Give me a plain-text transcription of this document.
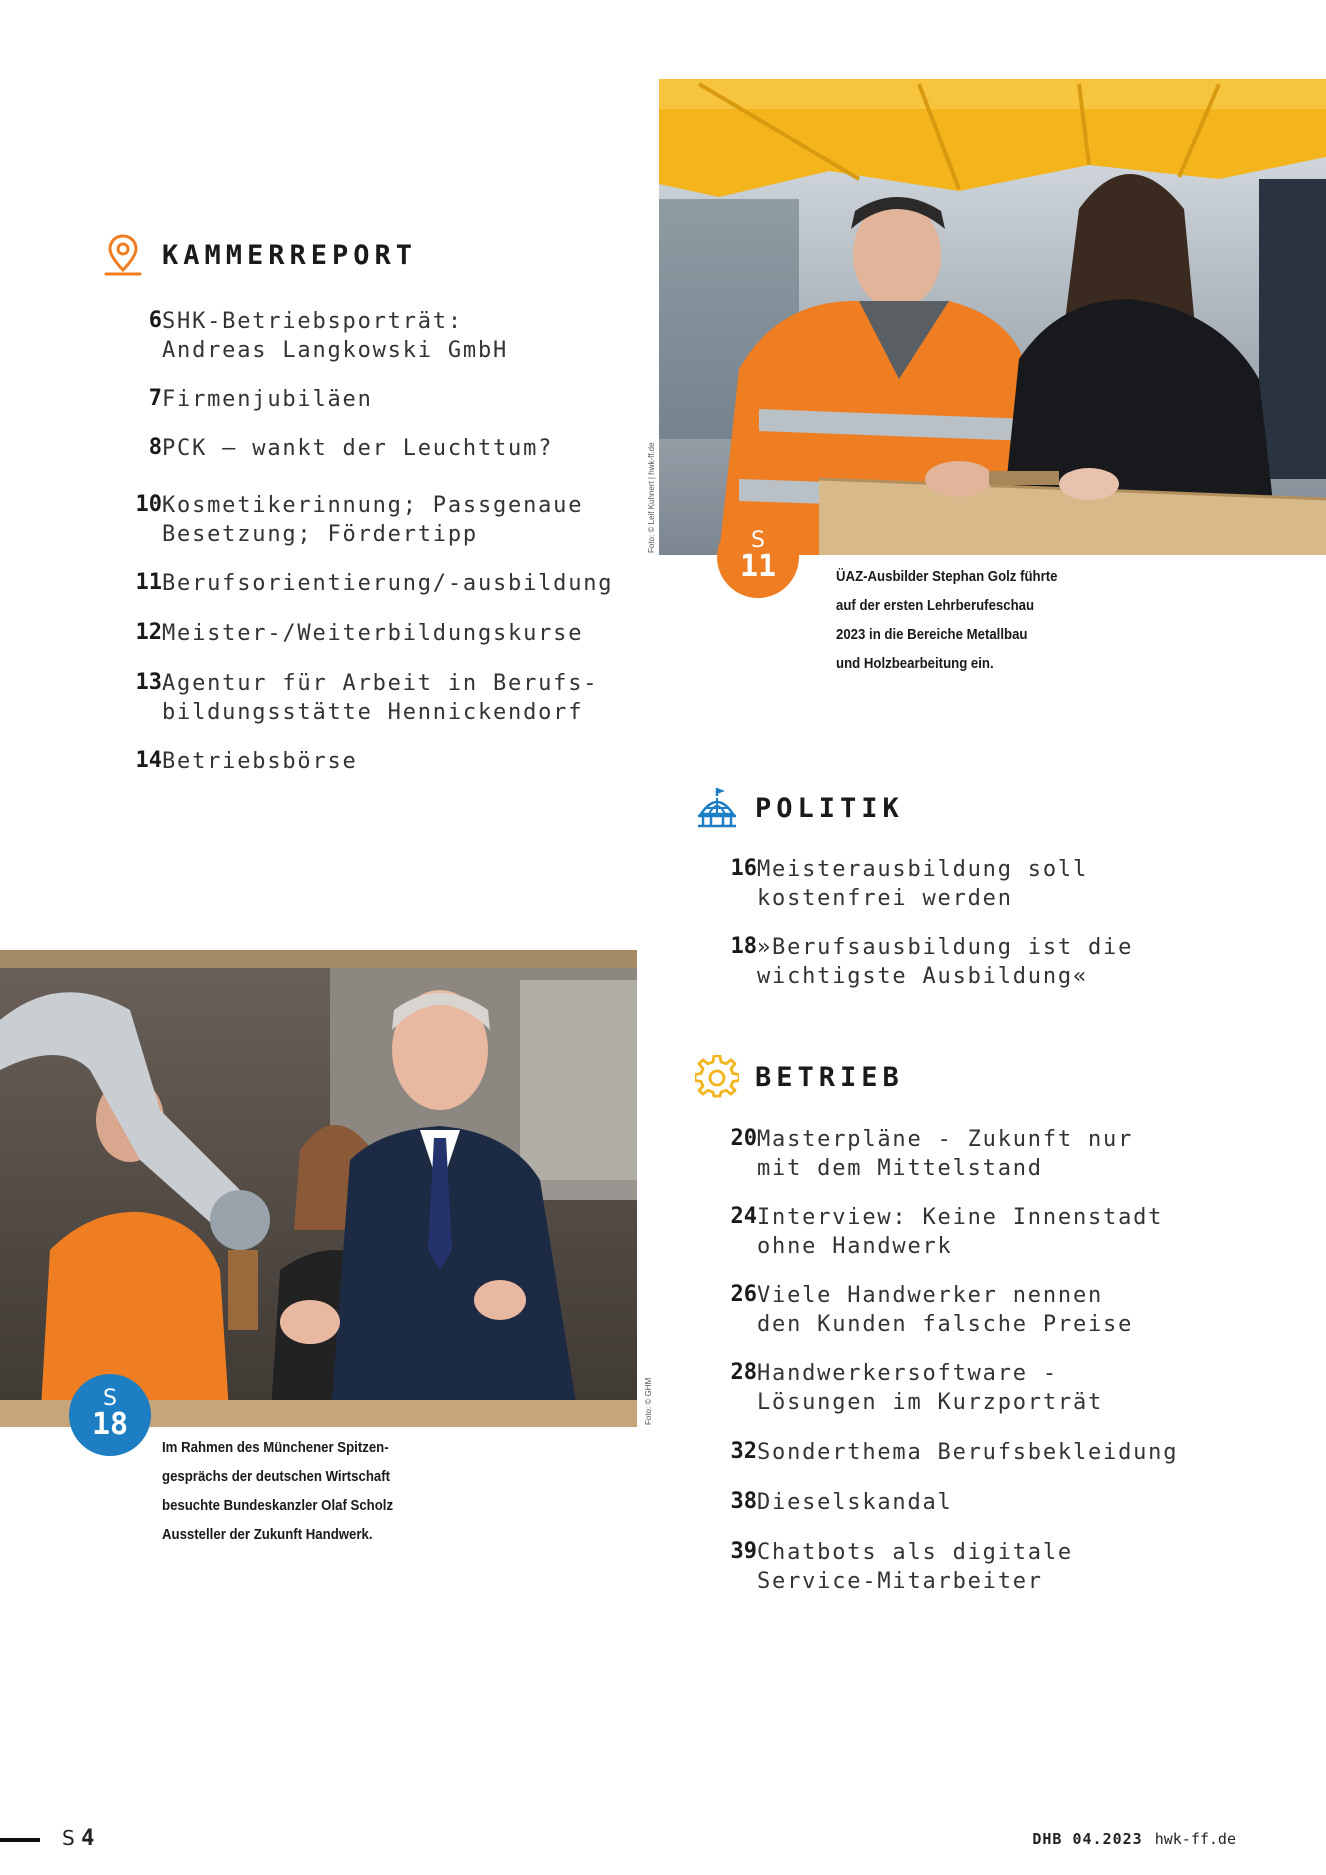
KAMMERREPORT
6 SHK-Betriebsporträt:
Andreas Langkowski GmbH
7 Firmenjubiläen
8 PCK – wankt der Leuchttum?
10 Kosmetikerinnung; Passgenaue
Besetzung; Fördertipp
11 Berufsorientierung/-ausbildung
12 Meister-/Weiterbildungskurse
13 Agentur für Arbeit in Berufs-
bildungsstätte Hennickendorf
14 Betriebsbörse
Foto: © Leif Kuhnert | hwk-ff.de	S
11	ÜAZ-Ausbilder Stephan Golz führte
auf der ersten Lehrberufeschau
2023 in die Bereiche Metallbau
und Holzbearbeitung ein.
POLITIK
16 Meisterausbildung soll
kostenfrei werden
18 »Berufsausbildung ist die
wichtigste Ausbildung«
BETRIEB
20 Masterpläne - Zukunft nur
mit dem Mittelstand
24 Interview: Keine Innenstadt
ohne Handwerk
26 Viele Handwerker nennen
den Kunden falsche Preise
28 Handwerkersoftware -
Lösungen im Kurzporträt
32 Sonderthema Berufsbekleidung
38 Dieselskandal
39 Chatbots als digitale
Service-Mitarbeiter
Foto: © GHM
S
18
Im Rahmen des Münchener Spitzen-
gesprächs der deutschen Wirtschaft
besuchte Bundeskanzler Olaf Scholz
Aussteller der Zukunft Handwerk.
S 4	DHB 04.2023 hwk-ff.de
